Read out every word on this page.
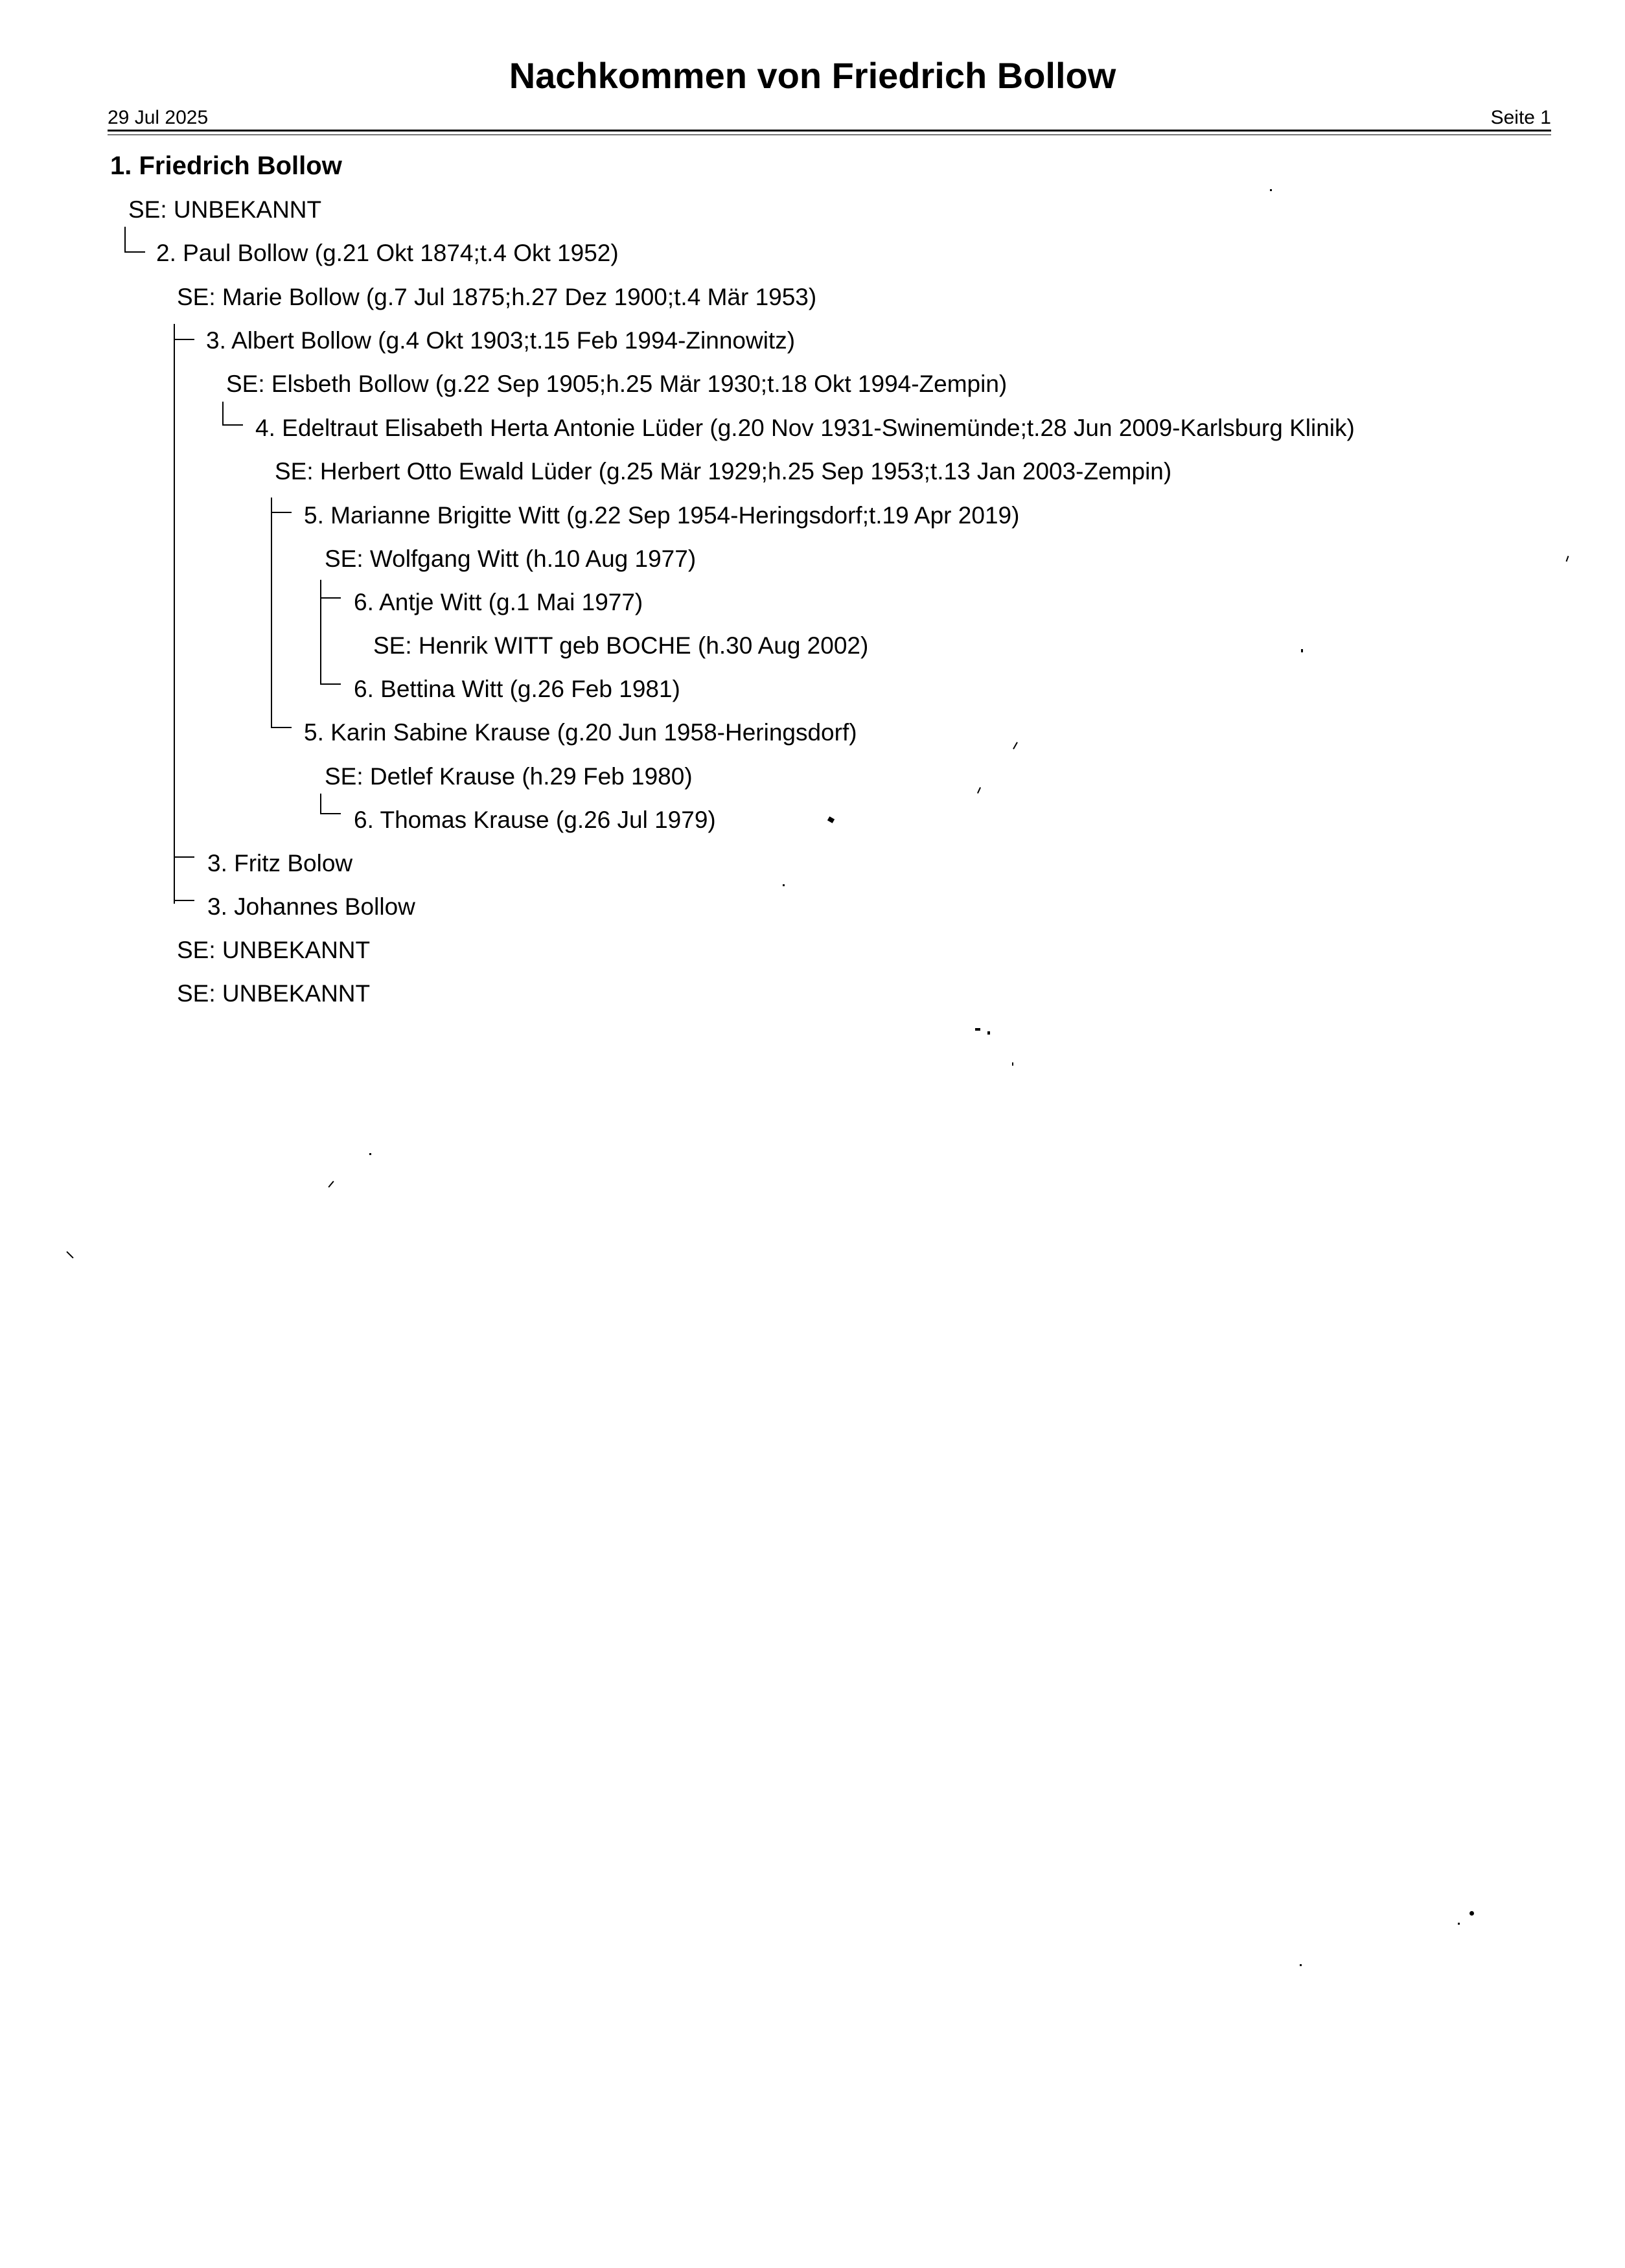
Nachkommen von Friedrich Bollow
29 Jul 2025	Seite 1
1. Friedrich Bollow
SE: UNBEKANNT
2. Paul Bollow (g.21 Okt 1874;t.4 Okt 1952)
SE: Marie Bollow (g.7 Jul 1875;h.27 Dez 1900;t.4 Mär 1953)
3. Albert Bollow (g.4 Okt 1903;t.15 Feb 1994-Zinnowitz)
SE: Elsbeth Bollow (g.22 Sep 1905;h.25 Mär 1930;t.18 Okt 1994-Zempin)
4. Edeltraut Elisabeth Herta Antonie Lüder (g.20 Nov 1931-Swinemünde;t.28 Jun 2009-Karlsburg Klinik)
SE: Herbert Otto Ewald Lüder (g.25 Mär 1929;h.25 Sep 1953;t.13 Jan 2003-Zempin)
5. Marianne Brigitte Witt (g.22 Sep 1954-Heringsdorf;t.19 Apr 2019)
SE: Wolfgang Witt (h.10 Aug 1977)
6. Antje Witt (g.1 Mai 1977)
SE: Henrik WITT geb BOCHE (h.30 Aug 2002)
6. Bettina Witt (g.26 Feb 1981)
5. Karin Sabine Krause (g.20 Jun 1958-Heringsdorf)
SE: Detlef Krause (h.29 Feb 1980)
6. Thomas Krause (g.26 Jul 1979)
3. Fritz Bolow
3. Johannes Bollow
SE: UNBEKANNT
SE: UNBEKANNT
